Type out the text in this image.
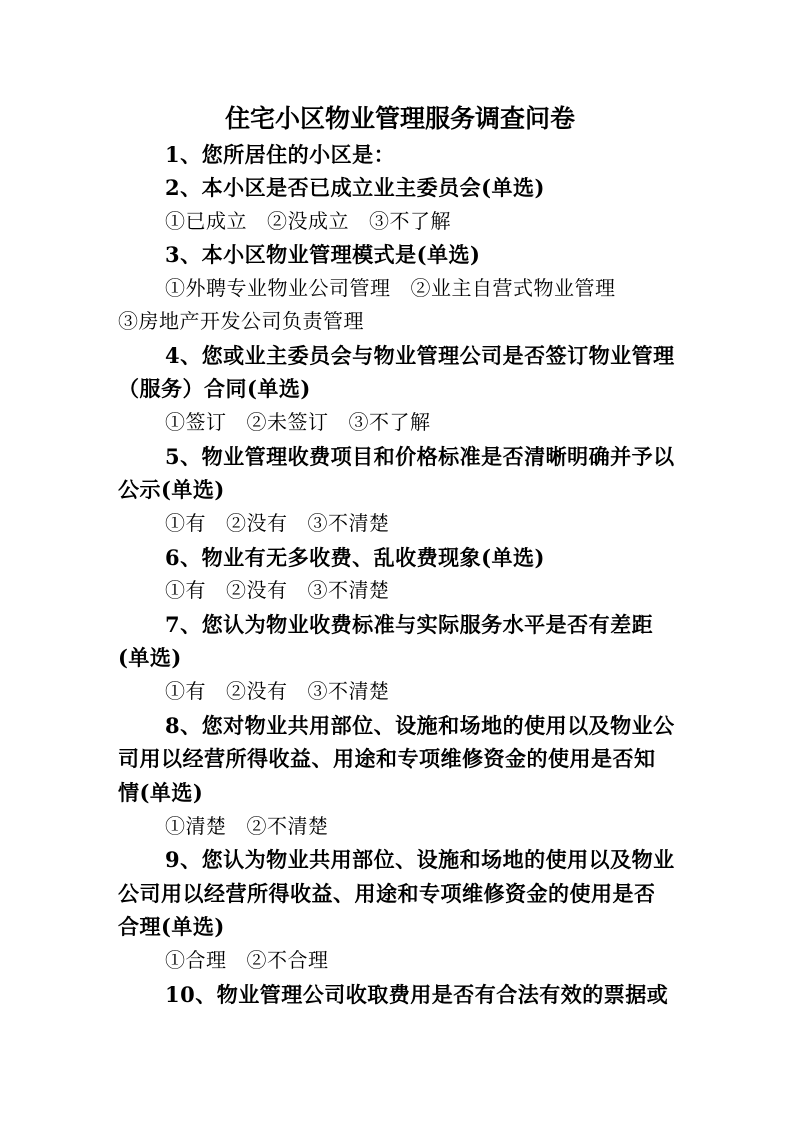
住宅小区物业管理服务调查问卷

1、您所居住的小区是：

2、本小区是否已成立业主委员会(单选)

①已成立 ②没成立 ③不了解

3、本小区物业管理模式是(单选)

①外聘专业物业公司管理 ②业主自营式物业管理

③房地产开发公司负责管理

4、您或业主委员会与物业管理公司是否签订物业管理

（服务）合同(单选)

①签订 ②未签订 ③不了解

5、物业管理收费项目和价格标准是否清晰明确并予以

公示(单选)

①有 ②没有 ③不清楚

6、物业有无多收费、乱收费现象(单选)

①有 ②没有 ③不清楚

7、您认为物业收费标准与实际服务水平是否有差距

(单选)

①有 ②没有 ③不清楚

8、您对物业共用部位、设施和场地的使用以及物业公

司用以经营所得收益、用途和专项维修资金的使用是否知

情(单选)

①清楚 ②不清楚

9、您认为物业共用部位、设施和场地的使用以及物业

公司用以经营所得收益、用途和专项维修资金的使用是否

合理(单选)

①合理 ②不合理

10、物业管理公司收取费用是否有合法有效的票据或
